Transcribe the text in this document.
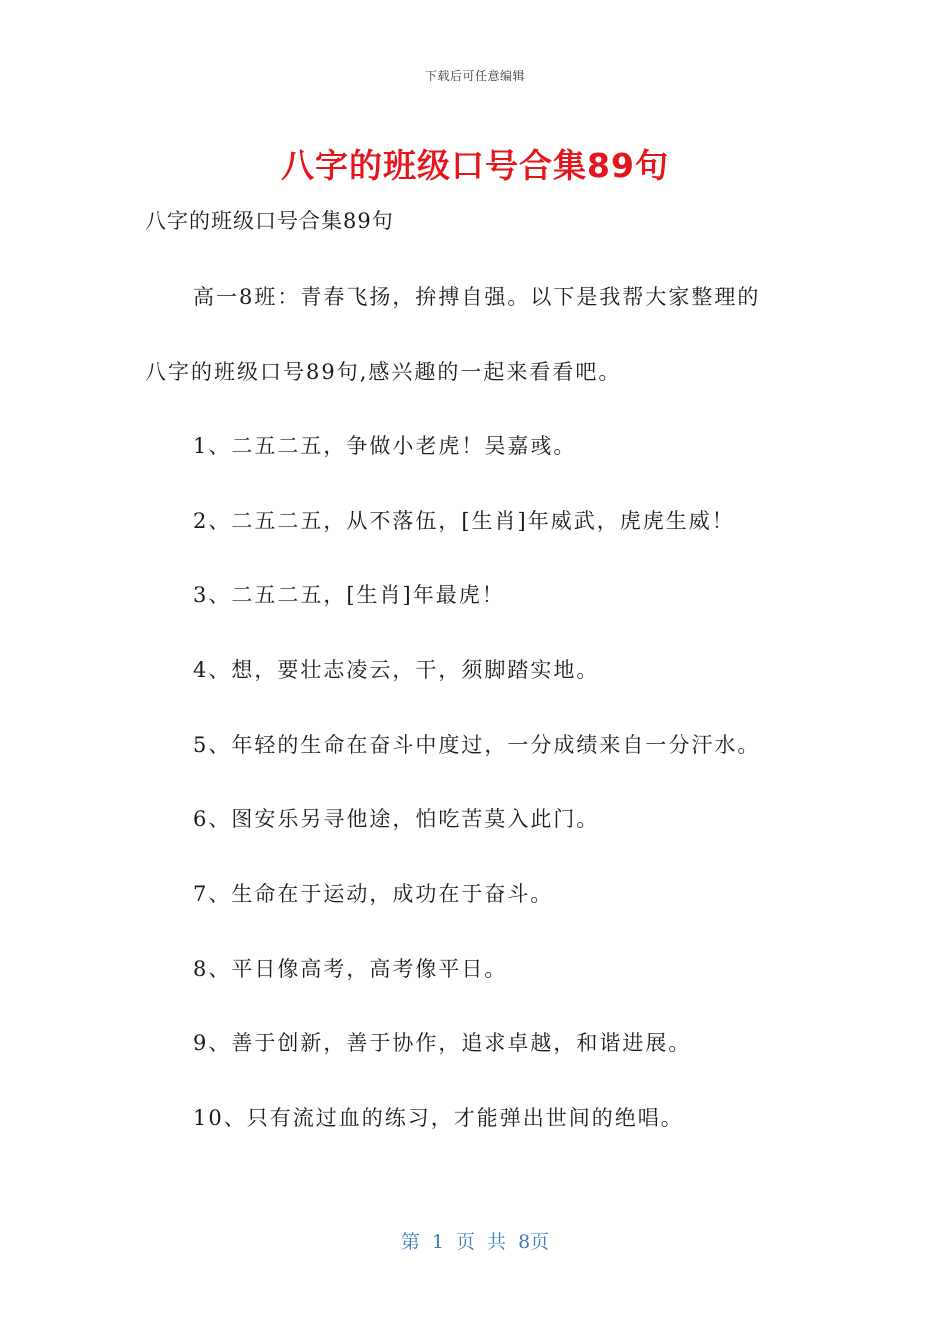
下载后可任意编辑
八字的班级口号合集89句
八字的班级口号合集89句
高一8班：青春飞扬，拚搏自强。以下是我帮大家整理的
八字的班级口号89句,感兴趣的一起来看看吧。
1、二五二五，争做小老虎！吴嘉彧。
2、二五二五，从不落伍，[生肖]年威武，虎虎生威！
3、二五二五，[生肖]年最虎！
4、想，要壮志凌云，干，须脚踏实地。
5、年轻的生命在奋斗中度过，一分成绩来自一分汗水。
6、图安乐另寻他途，怕吃苦莫入此门。
7、生命在于运动，成功在于奋斗。
8、平日像高考，高考像平日。
9、善于创新，善于协作，追求卓越，和谐进展。
10、只有流过血的练习，才能弹出世间的绝唱。
第 1 页 共 8页
